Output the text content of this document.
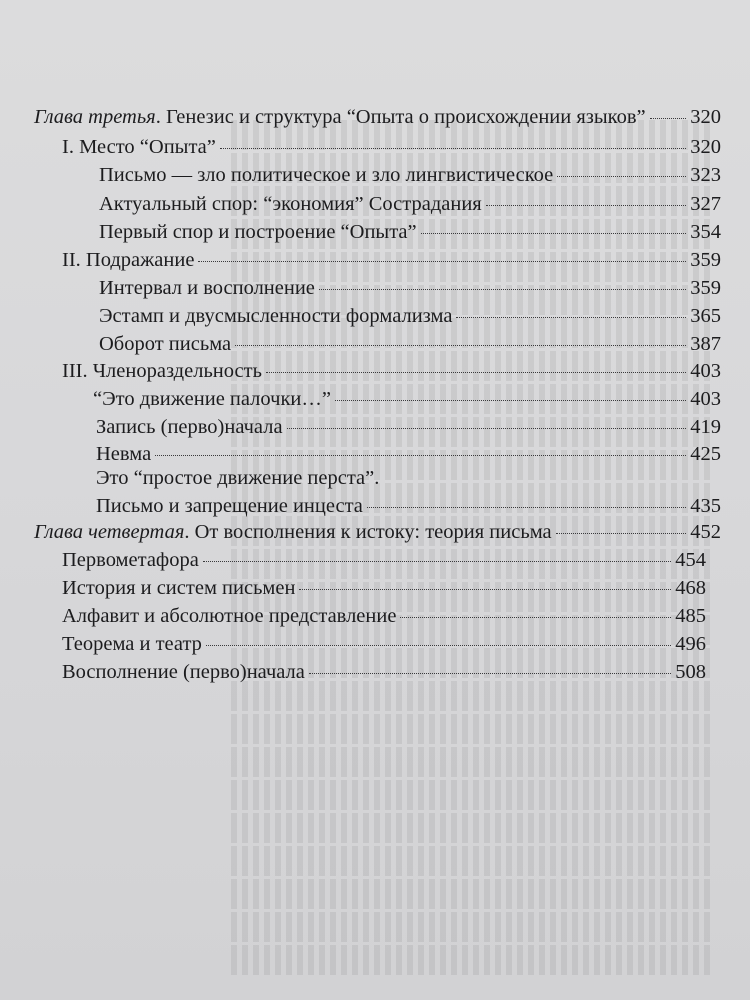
Глава третья. Генезис и структура “Опыта о происхождении языков” 320
I. Место “Опыта”	320
Письмо — зло политическое и зло лингвистическое	323
Актуальный спор: “экономия” Сострадания	327
Первый спор и построение “Опыта”	354
II. Подражание	359
Интервал и восполнение	359
Эстамп и двусмысленности формализма	365
Оборот письма	387
III. Членораздельность	403
“Это движение палочки…”	403
Запись (перво)начала	419
Невма	425
Это “простое движение перста”.
Письмо и запрещение инцеста	435
Глава четвертая. От восполнения к истоку: теория письма	452
Первометафора	454
История и систем письмен	468
Алфавит и абсолютное представление	485
Теорема и театр	496
Восполнение (перво)начала	508
